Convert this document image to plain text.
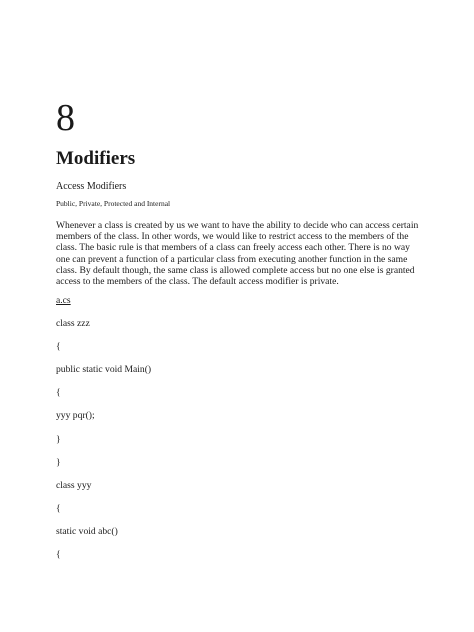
8
Modifiers

Access Modifiers

Public, Private, Protected and Internal

Whenever a class is created by us we want to have the ability to decide who can access certain members of the class. In other words, we would like to restrict access to the members of the class. The basic rule is that members of a class can freely access each other. There is no way one can prevent a function of a particular class from executing another function in the same class. By default though, the same class is allowed complete access but no one else is granted access to the members of the class. The default access modifier is private.

a.cs
class zzz
{
public static void Main()
{
yyy pqr();
}
}
class yyy
{
static void abc()
{
